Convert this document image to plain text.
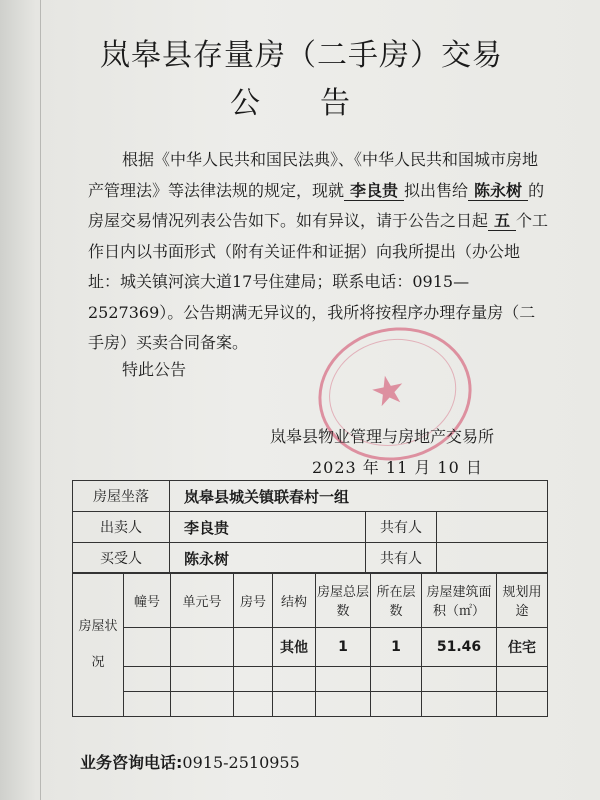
岚皋县存量房（二手房）交易
公告

根据《中华人民共和国民法典》、《中华人民共和国城市房地产管理法》等法律法规的规定，现就 李良贵 拟出售给 陈永树 的房屋交易情况列表公告如下。如有异议，请于公告之日起 五 个工作日内以书面形式（附有关证件和证据）向我所提出（办公地址：城关镇河滨大道17号住建局；联系电话：0915—2527369）。公告期满无异议的，我所将按程序办理存量房（二手房）买卖合同备案。

特此公告	★
岚皋县物业管理与房地产交易所
2023 年 11 月 10 日
房屋坐落	岚皋县城关镇联春村一组		
出卖人	李良贵	共有人	
买受人	陈永树	共有人	
房屋状况	幢号	单元号	房号	结构	房屋总层数	所在层数	房屋建筑面积（㎡）	规划用途
				其他	1	1	51.46	住宅

业务咨询电话:0915-2510955
